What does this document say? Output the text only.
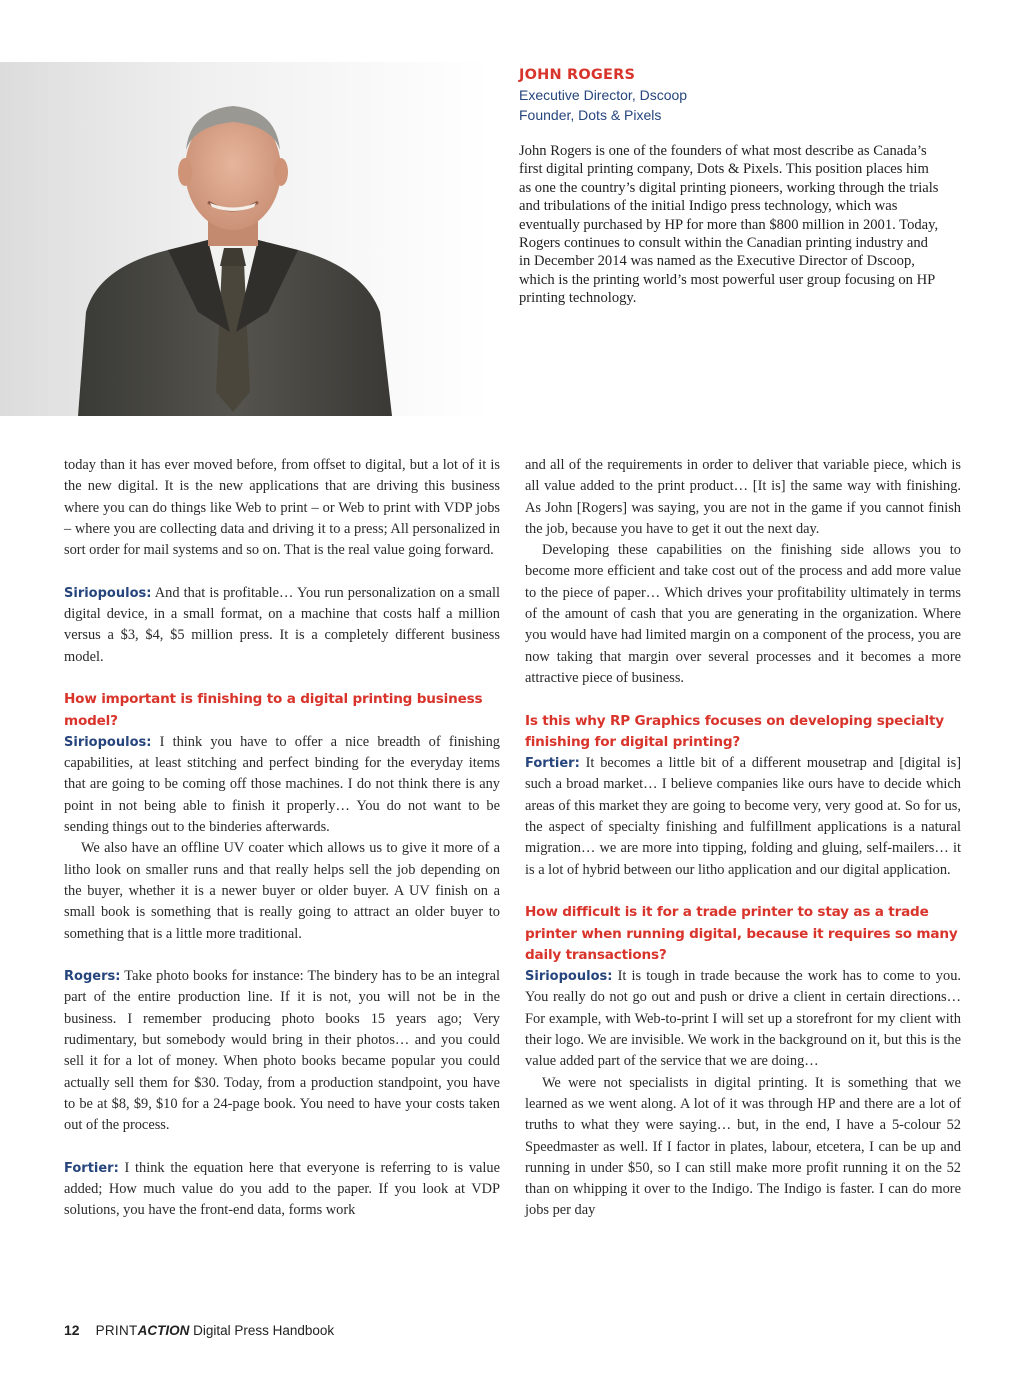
JOHN ROGERS
Executive Director, Dscoop
Founder, Dots & Pixels

John Rogers is one of the founders of what most describe as Canada’s first digital printing company, Dots & Pixels. This position places him as one the country’s digital printing pioneers, working through the trials and tribulations of the initial Indigo press technology, which was eventually purchased by HP for more than $800 million in 2001. Today, Rogers continues to consult within the Canadian printing industry and in December 2014 was named as the Executive Director of Dscoop, which is the printing world’s most powerful user group focusing on HP printing technology.

today than it has ever moved before, from offset to digital, but a lot of it is the new digital. It is the new applications that are driving this business where you can do things like Web to print – or Web to print with VDP jobs – where you are collecting data and driving it to a press; All personalized in sort order for mail systems and so on. That is the real value going forward.

Siriopoulos: And that is profitable… You run personalization on a small digital device, in a small format, on a machine that costs half a million versus a $3, $4, $5 million press. It is a completely different business model.

How important is finishing to a digital printing business model?

Siriopoulos: I think you have to offer a nice breadth of finishing capabilities, at least stitching and perfect binding for the everyday items that are going to be coming off those machines. I do not think there is any point in not being able to finish it properly… You do not want to be sending things out to the binderies afterwards.

We also have an offline UV coater which allows us to give it more of a litho look on smaller runs and that really helps sell the job depending on the buyer, whether it is a newer buyer or older buyer. A UV finish on a small book is something that is really going to attract an older buyer to something that is a little more traditional.

Rogers: Take photo books for instance: The bindery has to be an integral part of the entire production line. If it is not, you will not be in the business. I remember producing photo books 15 years ago; Very rudimentary, but somebody would bring in their photos… and you could sell it for a lot of money. When photo books became popular you could actually sell them for $30. Today, from a production standpoint, you have to be at $8, $9, $10 for a 24-page book. You need to have your costs taken out of the process.

Fortier: I think the equation here that everyone is referring to is value added; How much value do you add to the paper. If you look at VDP solutions, you have the front-end data, forms work

and all of the requirements in order to deliver that variable piece, which is all value added to the print product… [It is] the same way with finishing. As John [Rogers] was saying, you are not in the game if you cannot finish the job, because you have to get it out the next day.

Developing these capabilities on the finishing side allows you to become more efficient and take cost out of the process and add more value to the piece of paper… Which drives your profitability ultimately in terms of the amount of cash that you are generating in the organization. Where you would have had limited margin on a component of the process, you are now taking that margin over several processes and it becomes a more attractive piece of business.

Is this why RP Graphics focuses on developing specialty finishing for digital printing?

Fortier: It becomes a little bit of a different mousetrap and [digital is] such a broad market… I believe companies like ours have to decide which areas of this market they are going to become very, very good at. So for us, the aspect of specialty finishing and fulfillment applications is a natural migration… we are more into tipping, folding and gluing, self-mailers… it is a lot of hybrid between our litho application and our digital application.

How difficult is it for a trade printer to stay as a trade printer when running digital, because it requires so many daily transactions?

Siriopoulos: It is tough in trade because the work has to come to you. You really do not go out and push or drive a client in certain directions… For example, with Web-to-print I will set up a storefront for my client with their logo. We are invisible. We work in the background on it, but this is the value added part of the service that we are doing…

We were not specialists in digital printing. It is something that we learned as we went along. A lot of it was through HP and there are a lot of truths to what they were saying… but, in the end, I have a 5-colour 52 Speedmaster as well. If I factor in plates, labour, etcetera, I can be up and running in under $50, so I can still make more profit running it on the 52 than on whipping it over to the Indigo. The Indigo is faster. I can do more jobs per day

12 PRINTACTION Digital Press Handbook
